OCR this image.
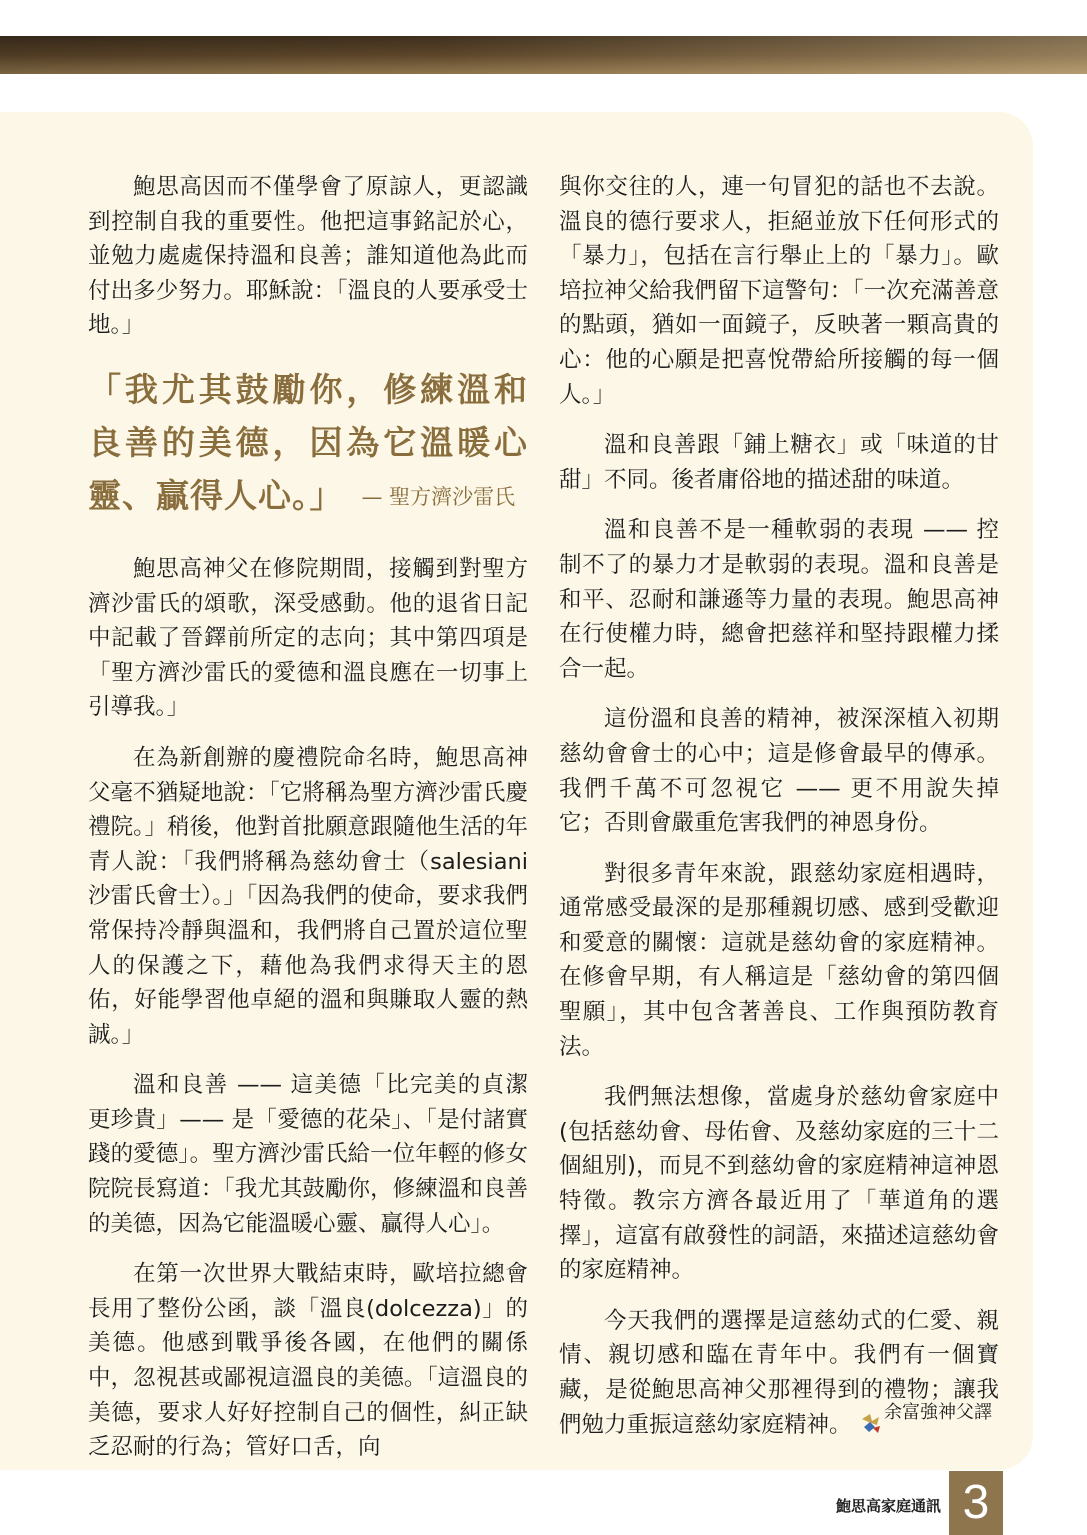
鮑思高因而不僅學會了原諒人，更認識到控制自我的重要性。他把這事銘記於心，並勉力處處保持溫和良善；誰知道他為此而付出多少努力。耶穌說：「溫良的人要承受士地。」

「我尤其鼓勵你，修練溫和良善的美德，因為它溫暖心靈、贏得人心。」 — 聖方濟沙雷氏

鮑思高神父在修院期間，接觸到對聖方濟沙雷氏的頌歌，深受感動。他的退省日記中記載了晉鐸前所定的志向；其中第四項是「聖方濟沙雷氏的愛德和溫良應在一切事上引導我。」

在為新創辦的慶禮院命名時，鮑思高神父毫不猶疑地說：「它將稱為聖方濟沙雷氏慶禮院。」稍後，他對首批願意跟隨他生活的年青人說：「我們將稱為慈幼會士（salesiani 沙雷氏會士）。」「因為我們的使命，要求我們常保持冷靜與溫和，我們將自己置於這位聖人的保護之下，藉他為我們求得天主的恩佑，好能學習他卓絕的溫和與賺取人靈的熱誠。」

溫和良善 —— 這美德「比完美的貞潔更珍貴」—— 是「愛德的花朵」、「是付諸實踐的愛德」。聖方濟沙雷氏給一位年輕的修女院院長寫道：「我尤其鼓勵你，修練溫和良善的美德，因為它能溫暖心靈、贏得人心」。

在第一次世界大戰結束時，歐培拉總會長用了整份公函，談「溫良(dolcezza)」的美德。他感到戰爭後各國，在他們的關係中，忽視甚或鄙視這溫良的美德。「這溫良的美德，要求人好好控制自己的個性，糾正缺乏忍耐的行為；管好口舌，向

與你交往的人，連一句冒犯的話也不去說。溫良的德行要求人，拒絕並放下任何形式的「暴力」，包括在言行舉止上的「暴力」。歐培拉神父給我們留下這警句：「一次充滿善意的點頭，猶如一面鏡子，反映著一顆高貴的心：他的心願是把喜悅帶給所接觸的每一個人。」

溫和良善跟「鋪上糖衣」或「味道的甘甜」不同。後者庸俗地的描述甜的味道。

溫和良善不是一種軟弱的表現 —— 控制不了的暴力才是軟弱的表現。溫和良善是和平、忍耐和謙遜等力量的表現。鮑思高神在行使權力時，總會把慈祥和堅持跟權力揉合一起。

這份溫和良善的精神，被深深植入初期慈幼會會士的心中；這是修會最早的傳承。我們千萬不可忽視它 —— 更不用說失掉它；否則會嚴重危害我們的神恩身份。

對很多青年來說，跟慈幼家庭相遇時，通常感受最深的是那種親切感、感到受歡迎和愛意的關懷：這就是慈幼會的家庭精神。在修會早期，有人稱這是「慈幼會的第四個聖願」，其中包含著善良、工作與預防教育法。

我們無法想像，當處身於慈幼會家庭中(包括慈幼會、母佑會、及慈幼家庭的三十二個組別)，而見不到慈幼會的家庭精神這神恩特徵。教宗方濟各最近用了「華道角的選擇」，這富有啟發性的詞語，來描述這慈幼會的家庭精神。

今天我們的選擇是這慈幼式的仁愛、親情、親切感和臨在青年中。我們有一個寶藏，是從鮑思高神父那裡得到的禮物；讓我們勉力重振這慈幼家庭精神。	余富強神父譯
鮑思高家庭通訊 3
